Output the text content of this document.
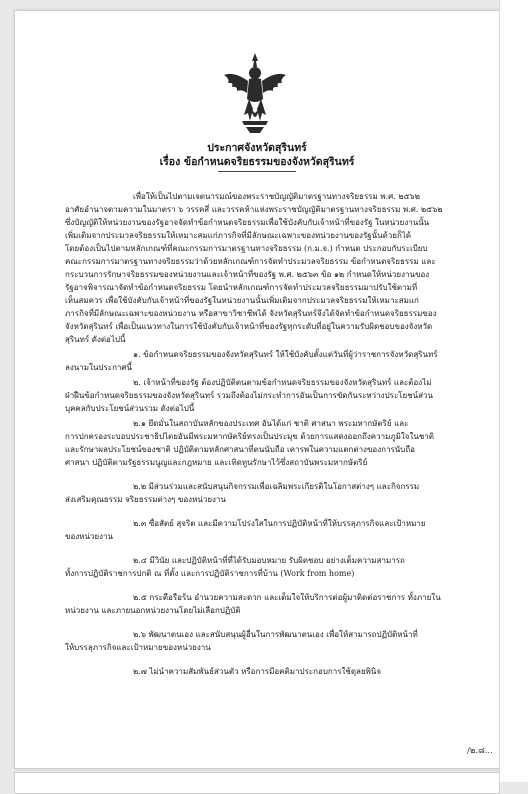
ประกาศจังหวัดสุรินทร์
เรื่อง ข้อกำหนดจริยธรรมของจังหวัดสุรินทร์
เพื่อให้เป็นไปตามเจตนารมณ์ของพระราชบัญญัติมาตรฐานทางจริยธรรม พ.ศ. ๒๕๖๒
อาศัยอำนาจตามความในมาตรา ๖ วรรคสี่ และวรรคห้าแห่งพระราชบัญญัติมาตรฐานทางจริยธรรม พ.ศ. ๒๕๖๒
ซึ่งบัญญัติให้หน่วยงานของรัฐอาจจัดทำข้อกำหนดจริยธรรมเพื่อใช้บังคับกับเจ้าหน้าที่ของรัฐ ในหน่วยงานนั้น
เพิ่มเติมจากประมวลจริยธรรมให้เหมาะสมแก่ภารกิจที่มีลักษณะเฉพาะของหน่วยงานของรัฐนั้นด้วยก็ได้
โดยต้องเป็นไปตามหลักเกณฑ์ที่คณะกรรมการมาตรฐานทางจริยธรรม (ก.ม.จ.) กำหนด ประกอบกับระเบียบ
คณะกรรมการมาตรฐานทางจริยธรรมว่าด้วยหลักเกณฑ์การจัดทำประมวลจริยธรรม ข้อกำหนดจริยธรรม และ
กระบวนการรักษาจริยธรรมของหน่วยงานและเจ้าหน้าที่ของรัฐ พ.ศ. ๒๕๖๓ ข้อ ๑๒ กำหนดให้หน่วยงานของ
รัฐอาจพิจารณาจัดทำข้อกำหนดจริยธรรม โดยนำหลักเกณฑ์การจัดทำประมวลจริยธรรมมาปรับใช้ตามที่
เห็นสมควร เพื่อใช้บังคับกับเจ้าหน้าที่ของรัฐในหน่วยงานนั้นเพิ่มเติมจากประมวลจริยธรรมให้เหมาะสมแก่
ภารกิจที่มีลักษณะเฉพาะของหน่วยงาน หรือสาขาวิชาชีพได้ จังหวัดสุรินทร์จึงได้จัดทำข้อกำหนดจริยธรรมของ
จังหวัดสุรินทร์ เพื่อเป็นแนวทางในการใช้บังคับกับเจ้าหน้าที่ของรัฐทุกระดับที่อยู่ในความรับผิดชอบของจังหวัด
สุรินทร์ ดังต่อไปนี้
๑. ข้อกำหนดจริยธรรมของจังหวัดสุรินทร์ ให้ใช้บังคับตั้งแต่วันที่ผู้ว่าราชการจังหวัดสุรินทร์
ลงนามในประกาศนี้
๒. เจ้าหน้าที่ของรัฐ ต้องปฏิบัติตนตามข้อกำหนดจริยธรรมของจังหวัดสุรินทร์ และต้องไม่
ฝ่าฝืนข้อกำหนดจริยธรรมของจังหวัดสุรินทร์ รวมถึงต้องไม่กระทำการอันเป็นการขัดกันระหว่างประโยชน์ส่วน
บุคคลกับประโยชน์ส่วนรวม ดังต่อไปนี้
๒.๑ ยึดมั่นในสถาบันหลักของประเทศ อันได้แก่ ชาติ ศาสนา พระมหากษัตริย์ และ
การปกครองระบอบประชาธิปไตยอันมีพระมหากษัตริย์ทรงเป็นประมุข ด้วยการแสดงออกถึงความภูมิใจในชาติ
และรักษาผลประโยชน์ของชาติ ปฏิบัติตามหลักศาสนาที่ตนนับถือ เคารพในความแตกต่างของการนับถือ
ศาสนา ปฏิบัติตามรัฐธรรมนูญและกฎหมาย และเทิดทูนรักษาไว้ซึ่งสถาบันพระมหากษัตริย์
๒.๒ มีส่วนร่วมและสนับสนุนกิจกรรมเพื่อเฉลิมพระเกียรติในโอกาสต่างๆ และกิจกรรม
ส่งเสริมคุณธรรม จริยธรรมต่างๆ ของหน่วยงาน
๒.๓ ซื่อสัตย์ สุจริต และมีความโปร่งใสในการปฏิบัติหน้าที่ให้บรรลุภารกิจและเป้าหมาย
ของหน่วยงาน
๒.๔ มีวินัย และปฏิบัติหน้าที่ที่ได้รับมอบหมาย รับผิดชอบ อย่างเต็มความสามารถ
ทั้งการปฏิบัติราชการปกติ ณ ที่ตั้ง และการปฏิบัติราชการที่บ้าน (Work from home)
๒.๕ กระตือรือร้น อำนวยความสะดวก และเต็มใจให้บริการต่อผู้มาติดต่อราชการ ทั้งภายใน
หน่วยงาน และภายนอกหน่วยงานโดยไม่เลือกปฏิบัติ
๒.๖ พัฒนาตนเอง และสนับสนุนผู้อื่นในการพัฒนาตนเอง เพื่อให้สามารถปฏิบัติหน้าที่
ให้บรรลุภารกิจและเป้าหมายของหน่วยงาน
๒.๗ ไม่นำความสัมพันธ์ส่วนตัว หรือการมีอคติมาประกอบการใช้ดุลยพินิจ
/๒.๘...
